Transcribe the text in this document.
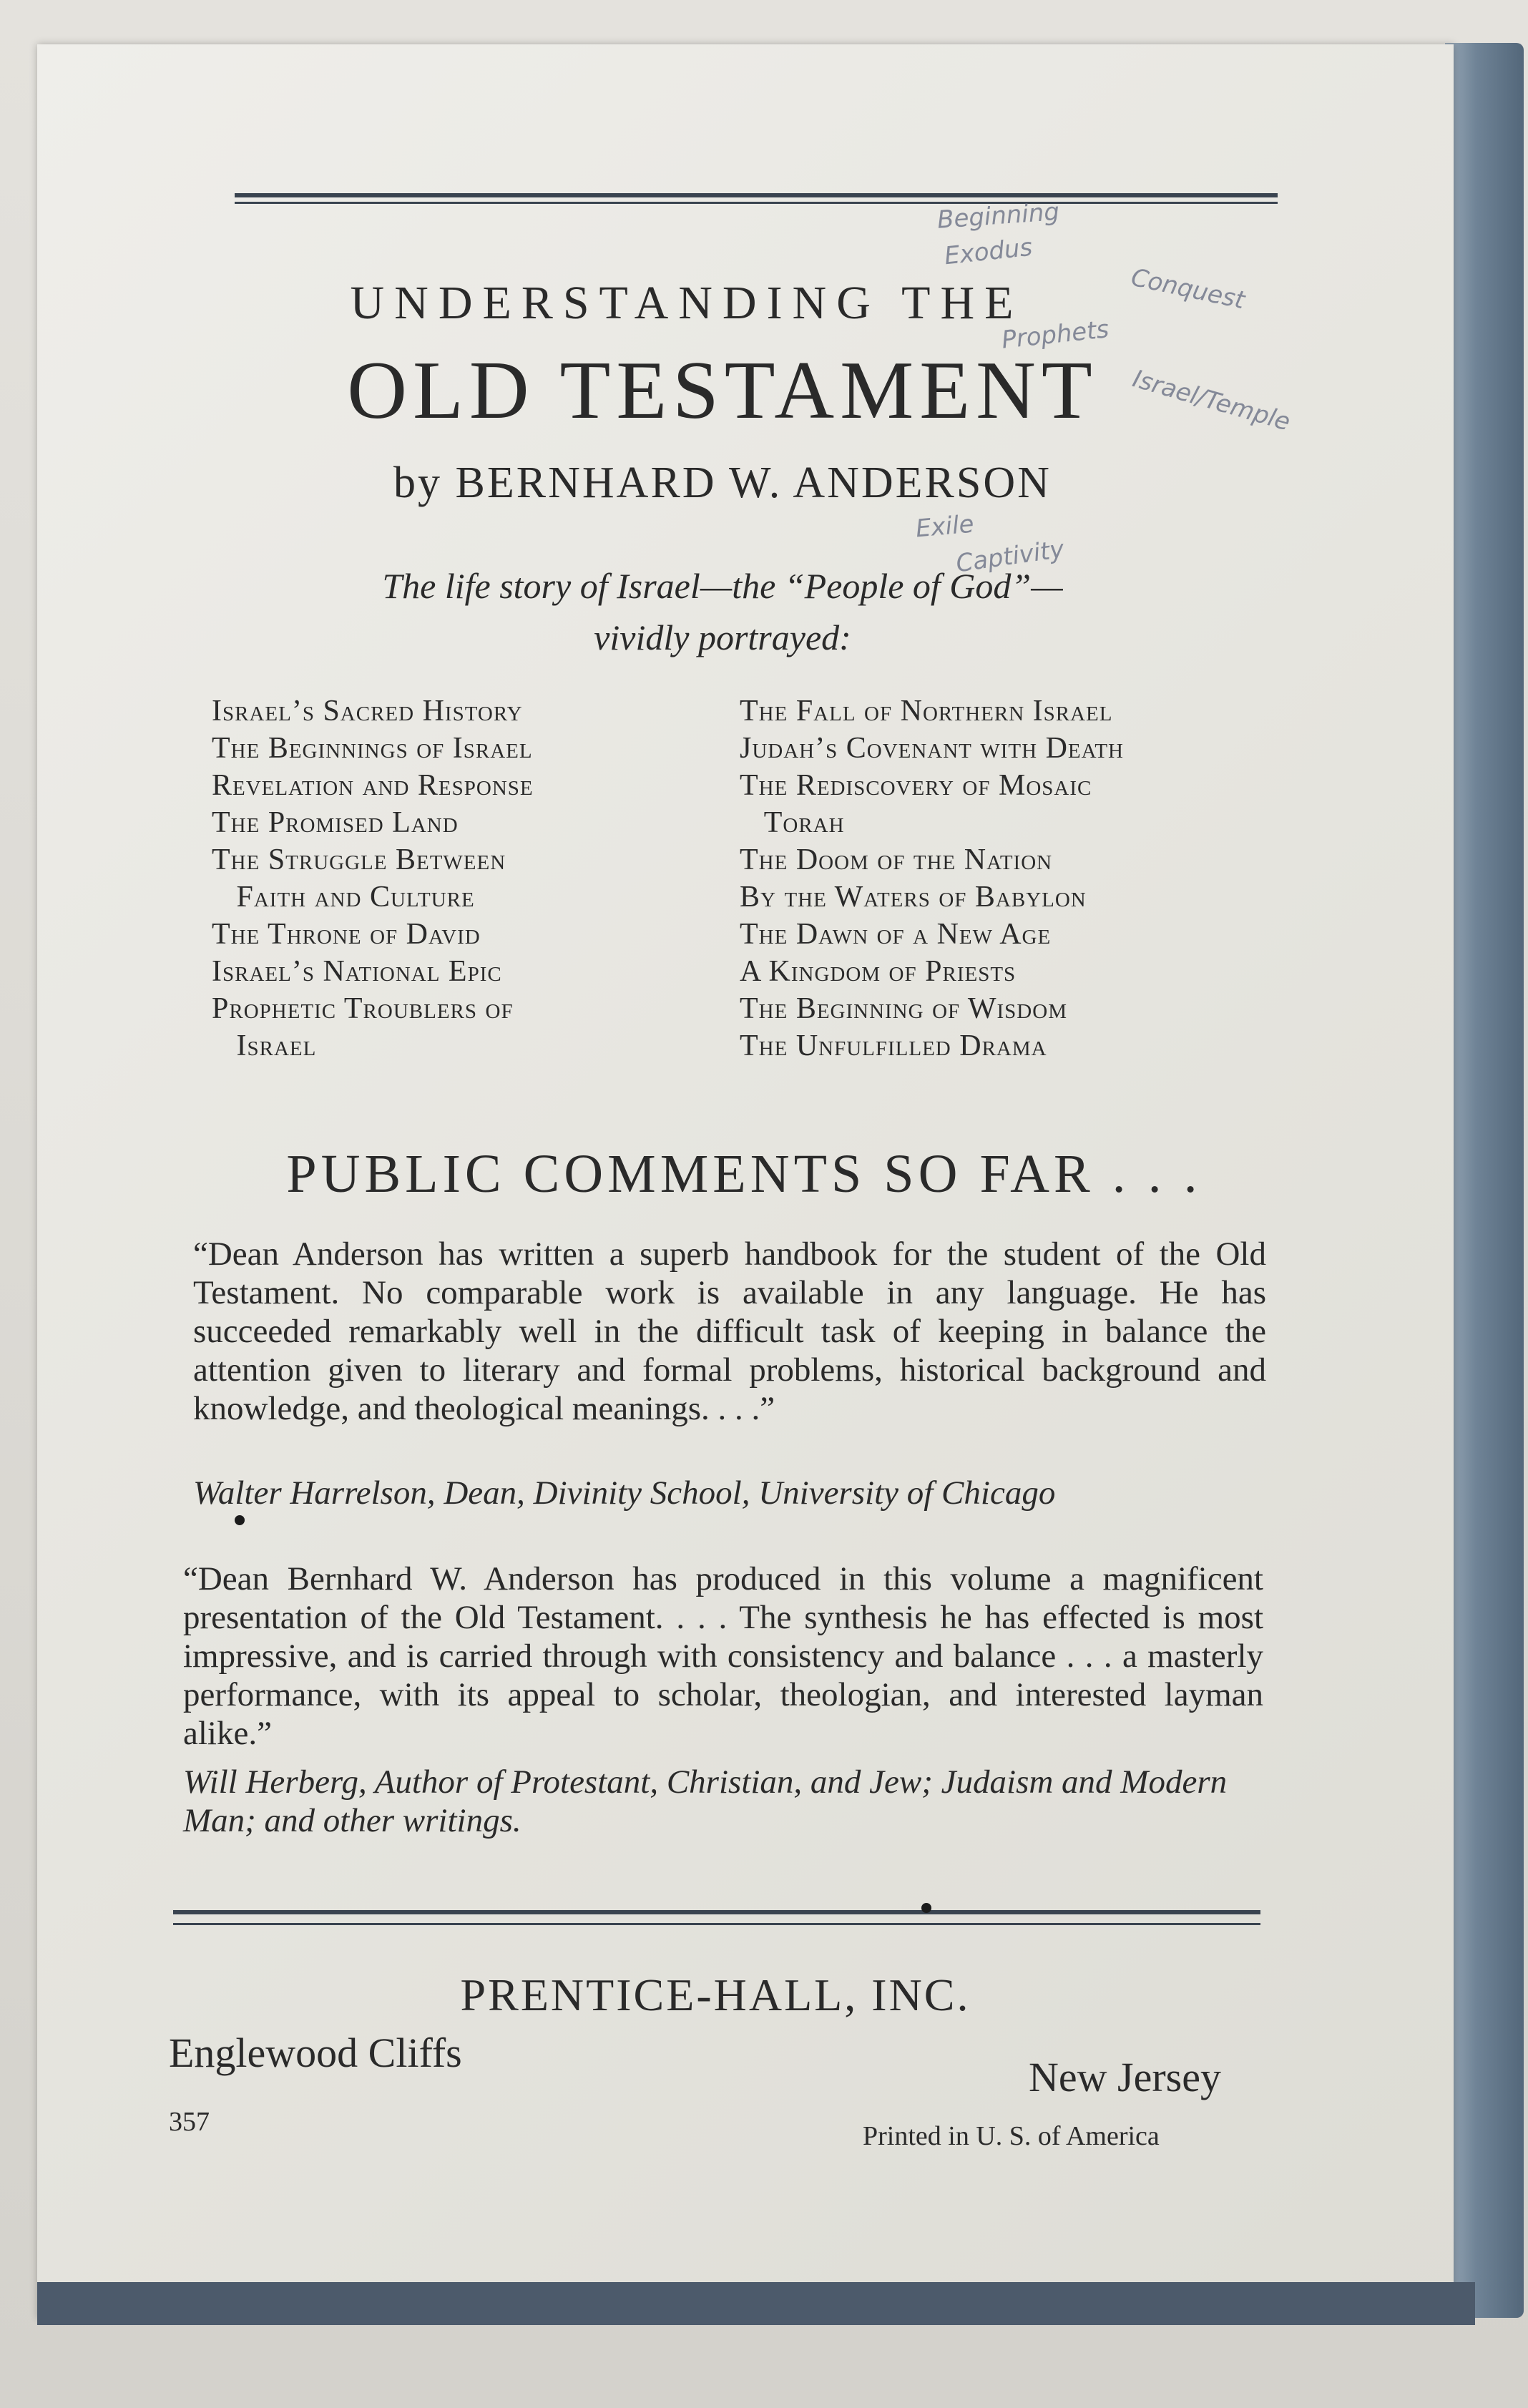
UNDERSTANDING THE
OLD TESTAMENT
by BERNHARD W. ANDERSON
The life story of Israel—the “People of God”—
vividly portrayed:
Israel’s Sacred History
The Beginnings of Israel
Revelation and Response
The Promised Land
The Struggle Between
Faith and Culture
The Throne of David
Israel’s National Epic
Prophetic Troublers of
Israel
The Fall of Northern Israel
Judah’s Covenant with Death
The Rediscovery of Mosaic
Torah
The Doom of the Nation
By the Waters of Babylon
The Dawn of a New Age
A Kingdom of Priests
The Beginning of Wisdom
The Unfulfilled Drama
PUBLIC COMMENTS SO FAR . . .
“Dean Anderson has written a superb handbook for the student of the Old Testament. No comparable work is available in any language. He has succeeded remarkably well in the difficult task of keeping in balance the attention given to literary and formal problems, historical background and knowledge, and theological meanings. . . .”
Walter Harrelson, Dean, Divinity School, University of Chicago
“Dean Bernhard W. Anderson has produced in this volume a magnificent presentation of the Old Testament. . . . The synthesis he has effected is most impressive, and is carried through with consistency and balance . . . a masterly performance, with its appeal to scholar, theologian, and interested layman alike.”
Will Herberg, Author of Protestant, Christian, and Jew; Judaism and Modern Man; and other writings.
PRENTICE-HALL, INC.
Englewood Cliffs
New Jersey
357	Printed in U. S. of America
Beginning
Exodus
Conquest
Prophets
Israel/Temple
Exile
Captivity
